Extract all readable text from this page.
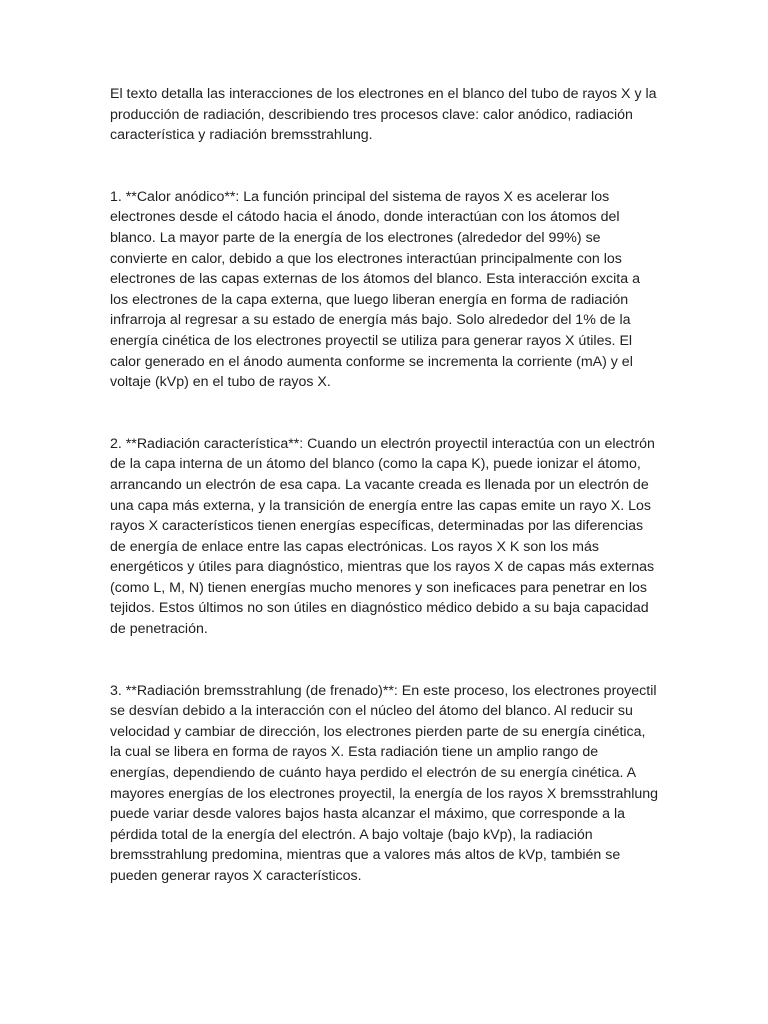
El texto detalla las interacciones de los electrones en el blanco del tubo de rayos X y la producción de radiación, describiendo tres procesos clave: calor anódico, radiación característica y radiación bremsstrahlung.

1. **Calor anódico**: La función principal del sistema de rayos X es acelerar los electrones desde el cátodo hacia el ánodo, donde interactúan con los átomos del blanco. La mayor parte de la energía de los electrones (alrededor del 99%) se convierte en calor, debido a que los electrones interactúan principalmente con los electrones de las capas externas de los átomos del blanco. Esta interacción excita a los electrones de la capa externa, que luego liberan energía en forma de radiación infrarroja al regresar a su estado de energía más bajo. Solo alrededor del 1% de la energía cinética de los electrones proyectil se utiliza para generar rayos X útiles. El calor generado en el ánodo aumenta conforme se incrementa la corriente (mA) y el voltaje (kVp) en el tubo de rayos X.

2. **Radiación característica**: Cuando un electrón proyectil interactúa con un electrón de la capa interna de un átomo del blanco (como la capa K), puede ionizar el átomo, arrancando un electrón de esa capa. La vacante creada es llenada por un electrón de una capa más externa, y la transición de energía entre las capas emite un rayo X. Los rayos X característicos tienen energías específicas, determinadas por las diferencias de energía de enlace entre las capas electrónicas. Los rayos X K son los más energéticos y útiles para diagnóstico, mientras que los rayos X de capas más externas (como L, M, N) tienen energías mucho menores y son ineficaces para penetrar en los tejidos. Estos últimos no son útiles en diagnóstico médico debido a su baja capacidad de penetración.

3. **Radiación bremsstrahlung (de frenado)**: En este proceso, los electrones proyectil se desvían debido a la interacción con el núcleo del átomo del blanco. Al reducir su velocidad y cambiar de dirección, los electrones pierden parte de su energía cinética, la cual se libera en forma de rayos X. Esta radiación tiene un amplio rango de energías, dependiendo de cuánto haya perdido el electrón de su energía cinética. A mayores energías de los electrones proyectil, la energía de los rayos X bremsstrahlung puede variar desde valores bajos hasta alcanzar el máximo, que corresponde a la pérdida total de la energía del electrón. A bajo voltaje (bajo kVp), la radiación bremsstrahlung predomina, mientras que a valores más altos de kVp, también se pueden generar rayos X característicos.
